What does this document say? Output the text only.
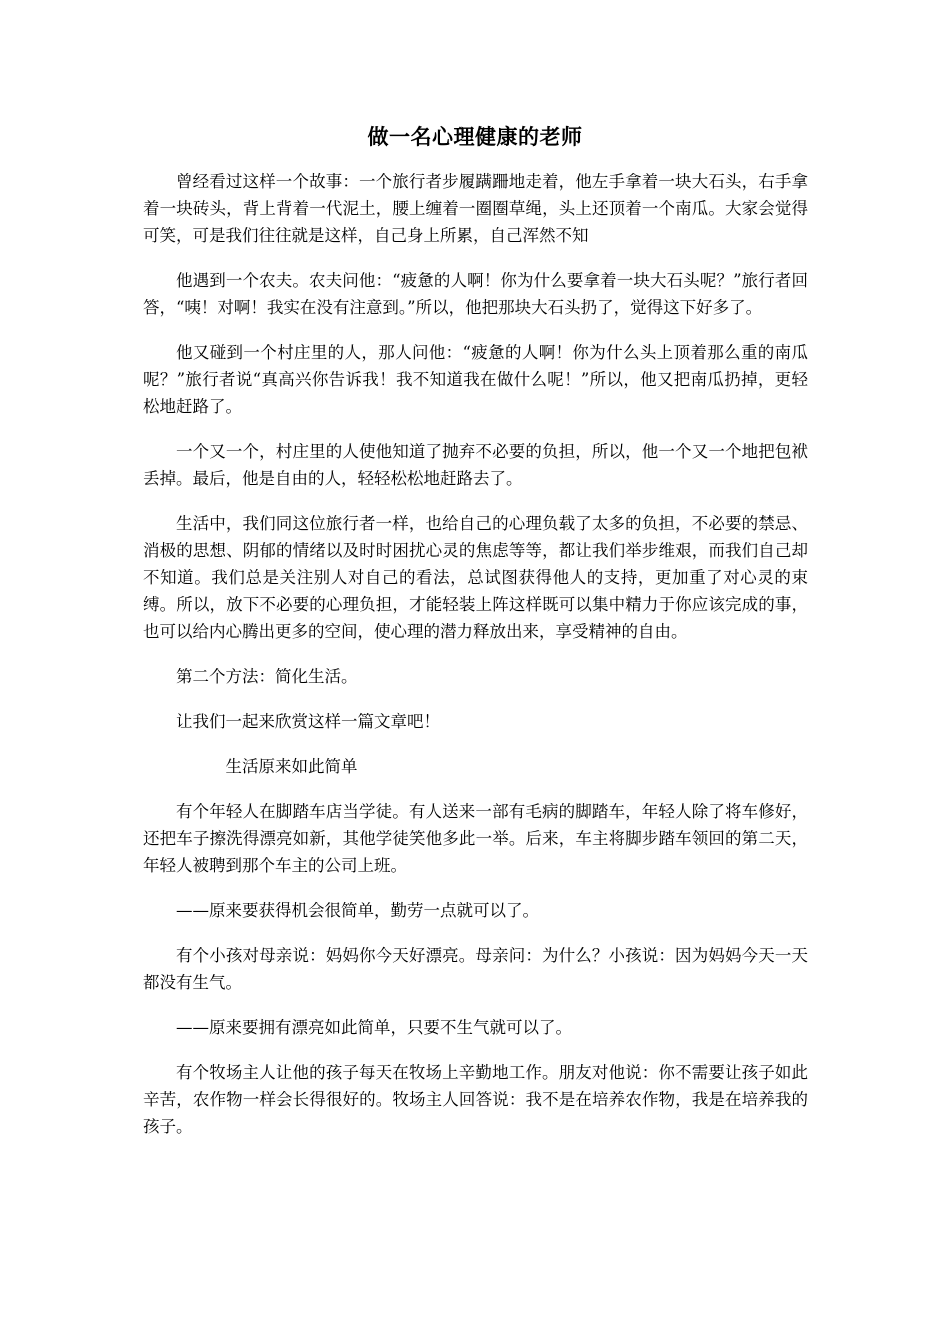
做一名心理健康的老师

曾经看过这样一个故事：一个旅行者步履蹒跚地走着，他左手拿着一块大石头，右手拿着一块砖头，背上背着一代泥土，腰上缠着一圈圈草绳，头上还顶着一个南瓜。大家会觉得可笑，可是我们往往就是这样，自己身上所累，自己浑然不知

他遇到一个农夫。农夫问他：“疲惫的人啊！你为什么要拿着一块大石头呢？”旅行者回答，“咦！对啊！我实在没有注意到。”所以，他把那块大石头扔了，觉得这下好多了。

他又碰到一个村庄里的人，那人问他：“疲惫的人啊！你为什么头上顶着那么重的南瓜呢？”旅行者说“真高兴你告诉我！我不知道我在做什么呢！”所以，他又把南瓜扔掉，更轻松地赶路了。

一个又一个，村庄里的人使他知道了抛弃不必要的负担，所以，他一个又一个地把包袱丢掉。最后，他是自由的人，轻轻松松地赶路去了。

生活中，我们同这位旅行者一样，也给自己的心理负载了太多的负担，不必要的禁忌、消极的思想、阴郁的情绪以及时时困扰心灵的焦虑等等，都让我们举步维艰，而我们自己却不知道。我们总是关注别人对自己的看法，总试图获得他人的支持，更加重了对心灵的束缚。所以，放下不必要的心理负担，才能轻装上阵这样既可以集中精力于你应该完成的事，也可以给内心腾出更多的空间，使心理的潜力释放出来，享受精神的自由。

第二个方法：简化生活。

让我们一起来欣赏这样一篇文章吧！

生活原来如此简单

有个年轻人在脚踏车店当学徒。有人送来一部有毛病的脚踏车，年轻人除了将车修好，还把车子擦洗得漂亮如新，其他学徒笑他多此一举。后来，车主将脚步踏车领回的第二天，年轻人被聘到那个车主的公司上班。

——原来要获得机会很简单，勤劳一点就可以了。

有个小孩对母亲说：妈妈你今天好漂亮。母亲问：为什么？小孩说：因为妈妈今天一天都没有生气。

——原来要拥有漂亮如此简单，只要不生气就可以了。

有个牧场主人让他的孩子每天在牧场上辛勤地工作。朋友对他说：你不需要让孩子如此辛苦，农作物一样会长得很好的。牧场主人回答说：我不是在培养农作物，我是在培养我的孩子。
